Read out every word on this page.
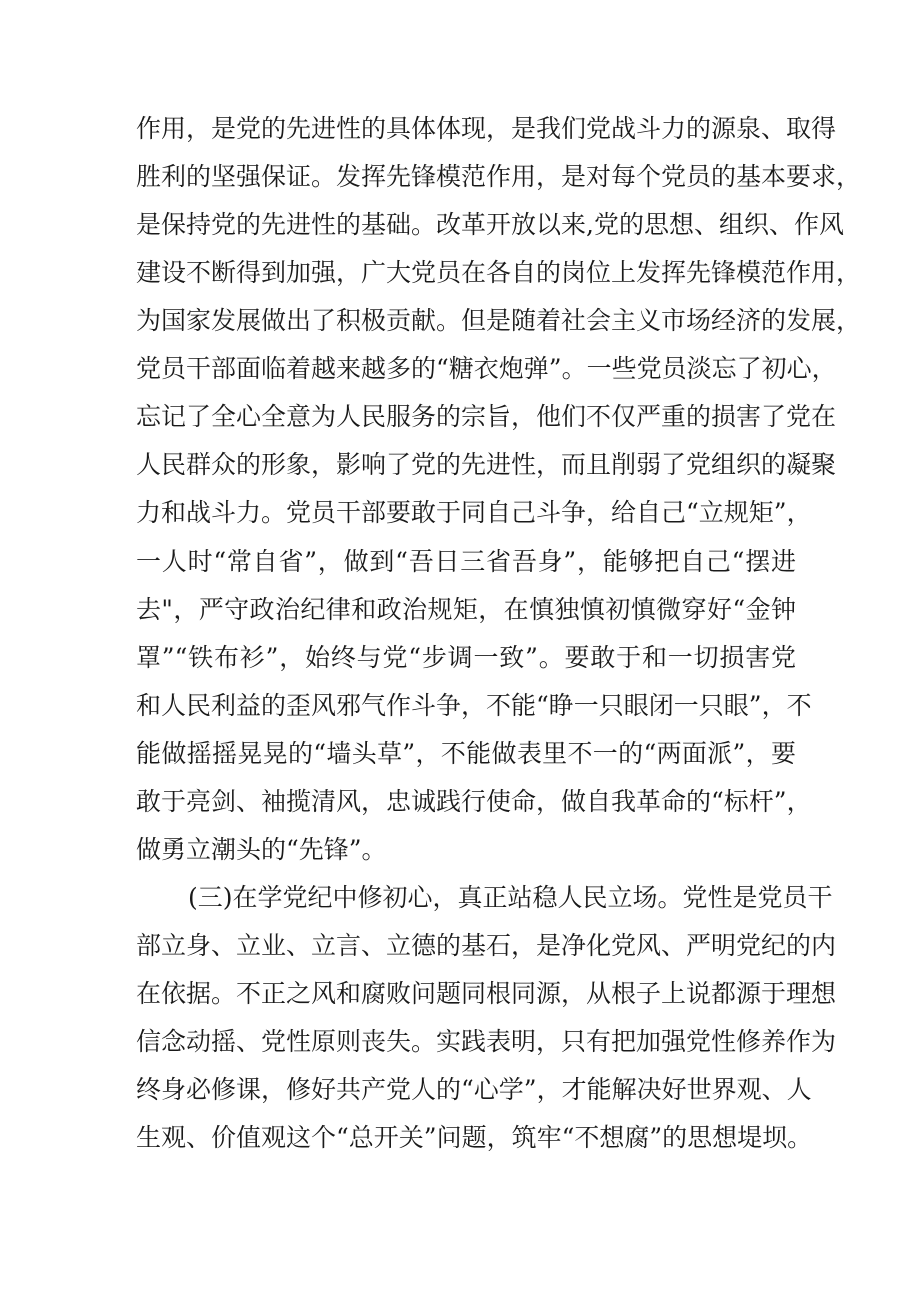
作用，是党的先进性的具体体现，是我们党战斗力的源泉、取得
胜利的坚强保证。发挥先锋模范作用，是对每个党员的基本要求，
是保持党的先进性的基础。改革开放以来,党的思想、组织、作风
建设不断得到加强，广大党员在各自的岗位上发挥先锋模范作用，
为国家发展做出了积极贡献。但是随着社会主义市场经济的发展，
党员干部面临着越来越多的“糖衣炮弹”。一些党员淡忘了初心，
忘记了全心全意为人民服务的宗旨，他们不仅严重的损害了党在
人民群众的形象，影响了党的先进性，而且削弱了党组织的凝聚
力和战斗力。党员干部要敢于同自己斗争，给自己“立规矩”，
一人时“常自省”，做到“吾日三省吾身”，能够把自己“摆进
去"，严守政治纪律和政治规矩，在慎独慎初慎微穿好“金钟
罩”“铁布衫”，始终与党“步调一致”。要敢于和一切损害党
和人民利益的歪风邪气作斗争，不能“睁一只眼闭一只眼”，不
能做摇摇晃晃的“墙头草”，不能做表里不一的“两面派”，要
敢于亮剑、袖揽清风，忠诚践行使命，做自我革命的“标杆”，
做勇立潮头的“先锋”。
(三)在学党纪中修初心，真正站稳人民立场。党性是党员干
部立身、立业、立言、立德的基石，是净化党风、严明党纪的内
在依据。不正之风和腐败问题同根同源，从根子上说都源于理想
信念动摇、党性原则丧失。实践表明，只有把加强党性修养作为
终身必修课，修好共产党人的“心学”，才能解决好世界观、人
生观、价值观这个“总开关”问题，筑牢“不想腐”的思想堤坝。
